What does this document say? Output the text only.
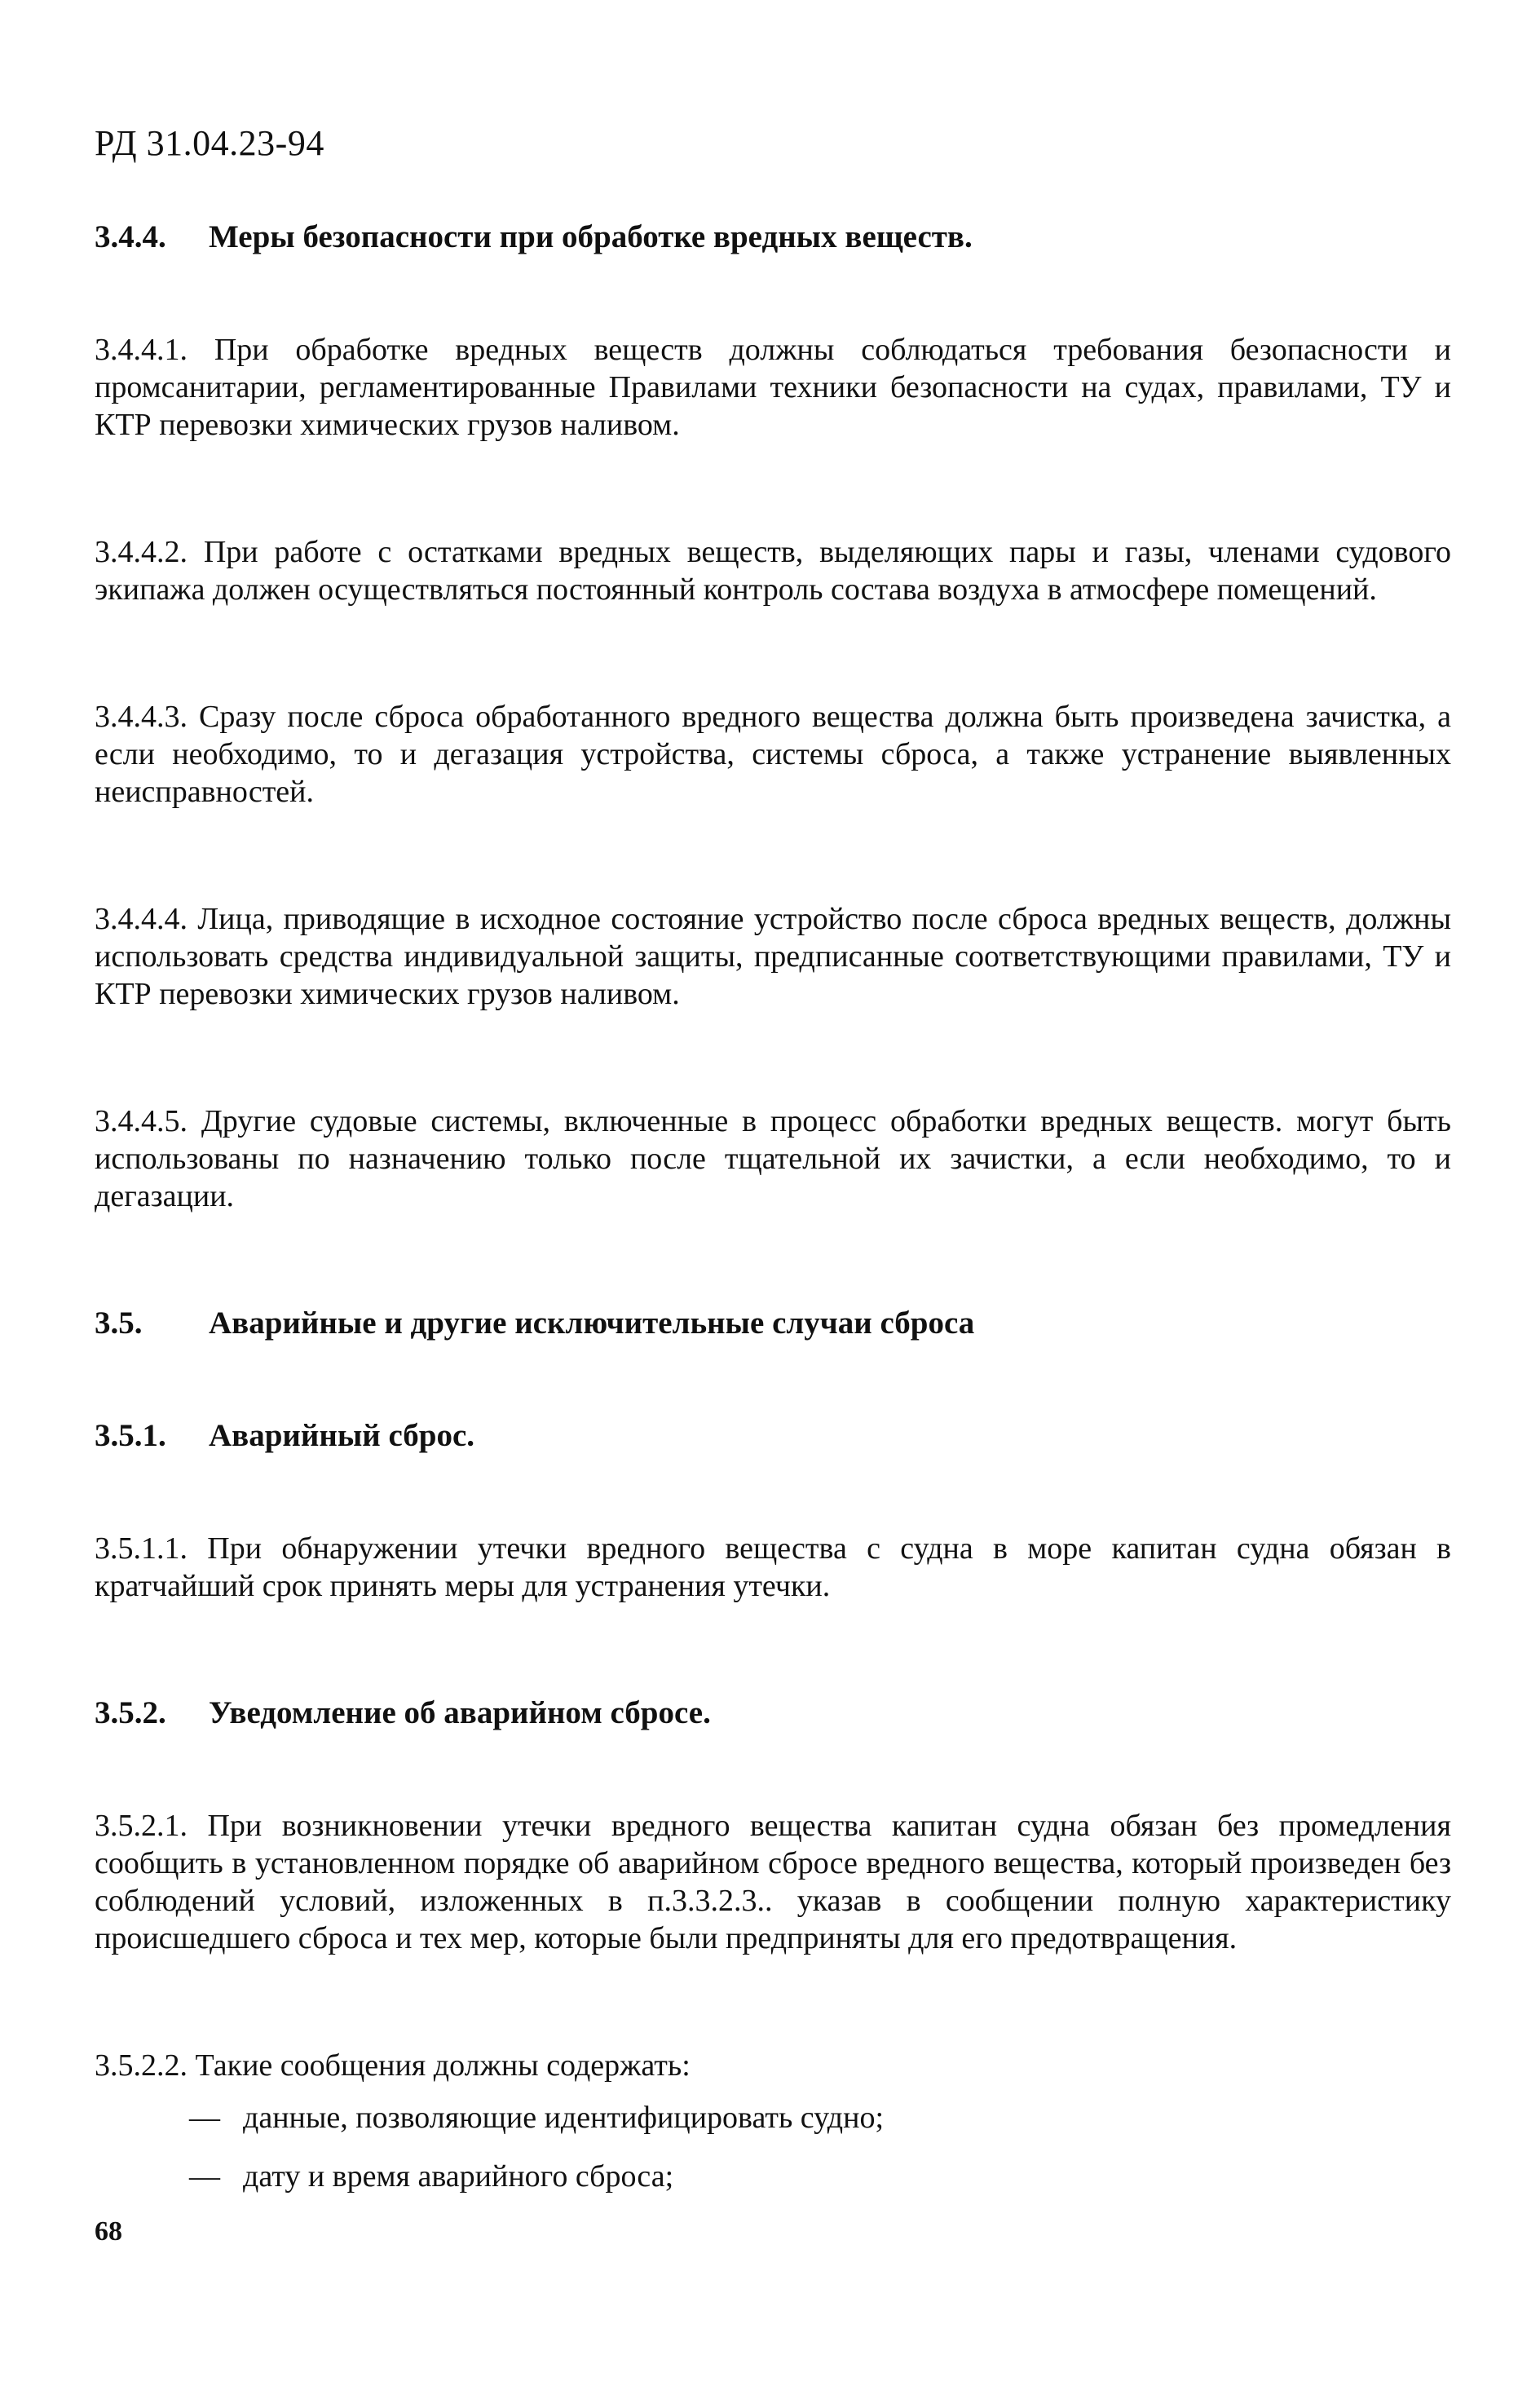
РД 31.04.23-94
3.4.4.	Меры безопасности при обработке вредных веществ.

3.4.4.1. При обработке вредных веществ должны соблюдаться требования безопасности и промсанитарии, регламентированные Правилами техники безопасности на судах, правилами, ТУ и КТР перевозки химических грузов наливом.

3.4.4.2. При работе с остатками вредных веществ, выделяющих пары и газы, членами судового экипажа должен осуществляться постоянный контроль состава воздуха в атмосфере помещений.

3.4.4.3. Сразу после сброса обработанного вредного вещества должна быть произведена зачистка, а если необходимо, то и дегазация устройства, системы сброса, а также устранение выявленных неисправностей.

3.4.4.4. Лица, приводящие в исходное состояние устройство после сброса вредных веществ, должны использовать средства индивидуальной защиты, предписанные соответствующими правилами, ТУ и КТР перевозки химических грузов наливом.

3.4.4.5. Другие судовые системы, включенные в процесс обработки вредных веществ. могут быть использованы по назначению только после тщательной их зачистки, а если необходимо, то и дегазации.

3.5.	Аварийные и другие исключительные случаи сброса
3.5.1.	Аварийный сброс.

3.5.1.1. При обнаружении утечки вредного вещества с судна в море капитан судна обязан в кратчайший срок принять меры для устранения утечки.

3.5.2.	Уведомление об аварийном сбросе.

3.5.2.1. При возникновении утечки вредного вещества капитан судна обязан без промедления сообщить в установленном порядке об аварийном сбросе вредного вещества, который произведен без соблюдений условий, изложенных в п.3.3.2.3.. указав в сообщении полную характеристику происшедшего сброса и тех мер, которые были предприняты для его предотвращения.

3.5.2.2. Такие сообщения должны содержать:

— данные, позволяющие идентифицировать судно;
— дату и время аварийного сброса;
68
